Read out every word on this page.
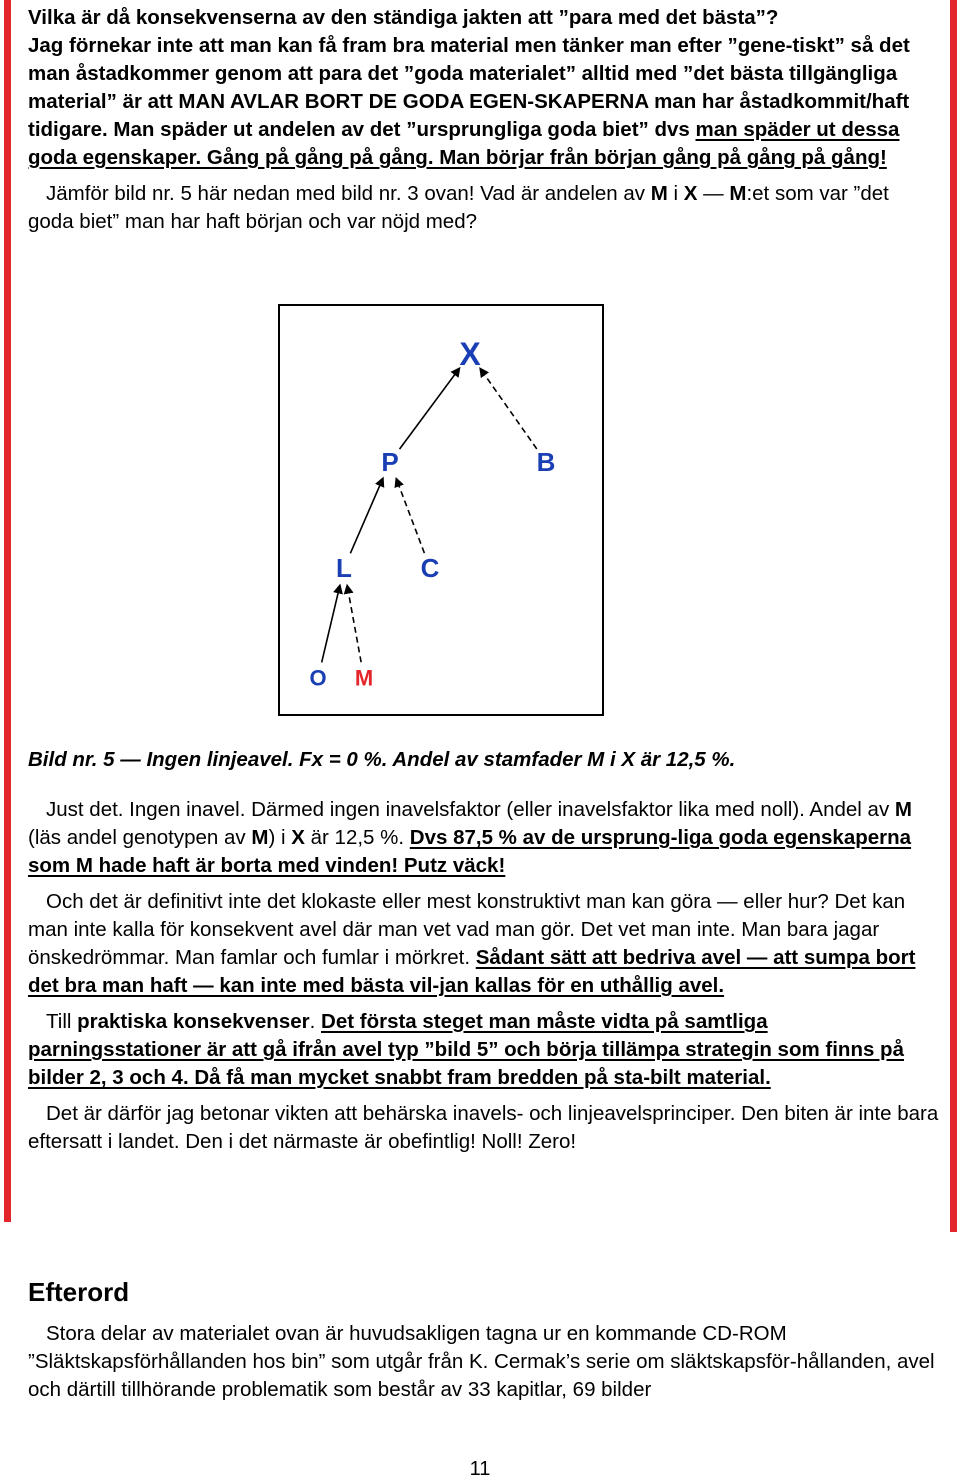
Vilka är då konsekvenserna av den ständiga jakten att ”para med det bästa”?
Jag förnekar inte att man kan få fram bra material men tänker man efter ”gene-tiskt” så det man åstadkommer genom att para det ”goda materialet” alltid med ”det bästa tillgängliga material” är att MAN AVLAR BORT DE GODA EGEN-SKAPERNA man har åstadkommit/haft tidigare. Man späder ut andelen av det ”ursprungliga goda biet” dvs man späder ut dessa goda egenskaper. Gång på gång på gång. Man börjar från början gång på gång på gång!

Jämför bild nr. 5 här nedan med bild nr. 3 ovan! Vad är andelen av M i X — M:et som var ”det goda biet” man har haft början och var nöjd med?

X
P	B
L	C
O M
Bild nr. 5 — Ingen linjeavel. Fx = 0 %. Andel av stamfader M i X är 12,5 %.

Just det. Ingen inavel. Därmed ingen inavelsfaktor (eller inavelsfaktor lika med noll). Andel av M (läs andel genotypen av M) i X är 12,5 %. Dvs 87,5 % av de ursprung-liga goda egenskaperna som M hade haft är borta med vinden! Putz väck!

Och det är definitivt inte det klokaste eller mest konstruktivt man kan göra — eller hur? Det kan man inte kalla för konsekvent avel där man vet vad man gör. Det vet man inte. Man bara jagar önskedrömmar. Man famlar och fumlar i mörkret. Sådant sätt att bedriva avel — att sumpa bort det bra man haft — kan inte med bästa vil-jan kallas för en uthållig avel.

Till praktiska konsekvenser. Det första steget man måste vidta på samtliga parningsstationer är att gå ifrån avel typ ”bild 5” och börja tillämpa strategin som finns på bilder 2, 3 och 4. Då få man mycket snabbt fram bredden på sta-bilt material.

Det är därför jag betonar vikten att behärska inavels- och linjeavelsprinciper. Den biten är inte bara eftersatt i landet. Den i det närmaste är obefintlig! Noll! Zero!

Efterord

Stora delar av materialet ovan är huvudsakligen tagna ur en kommande CD-ROM ”Släktskapsförhållanden hos bin” som utgår från K. Cermak’s serie om släktskapsför-hållanden, avel och därtill tillhörande problematik som består av 33 kapitlar, 69 bilder

11
